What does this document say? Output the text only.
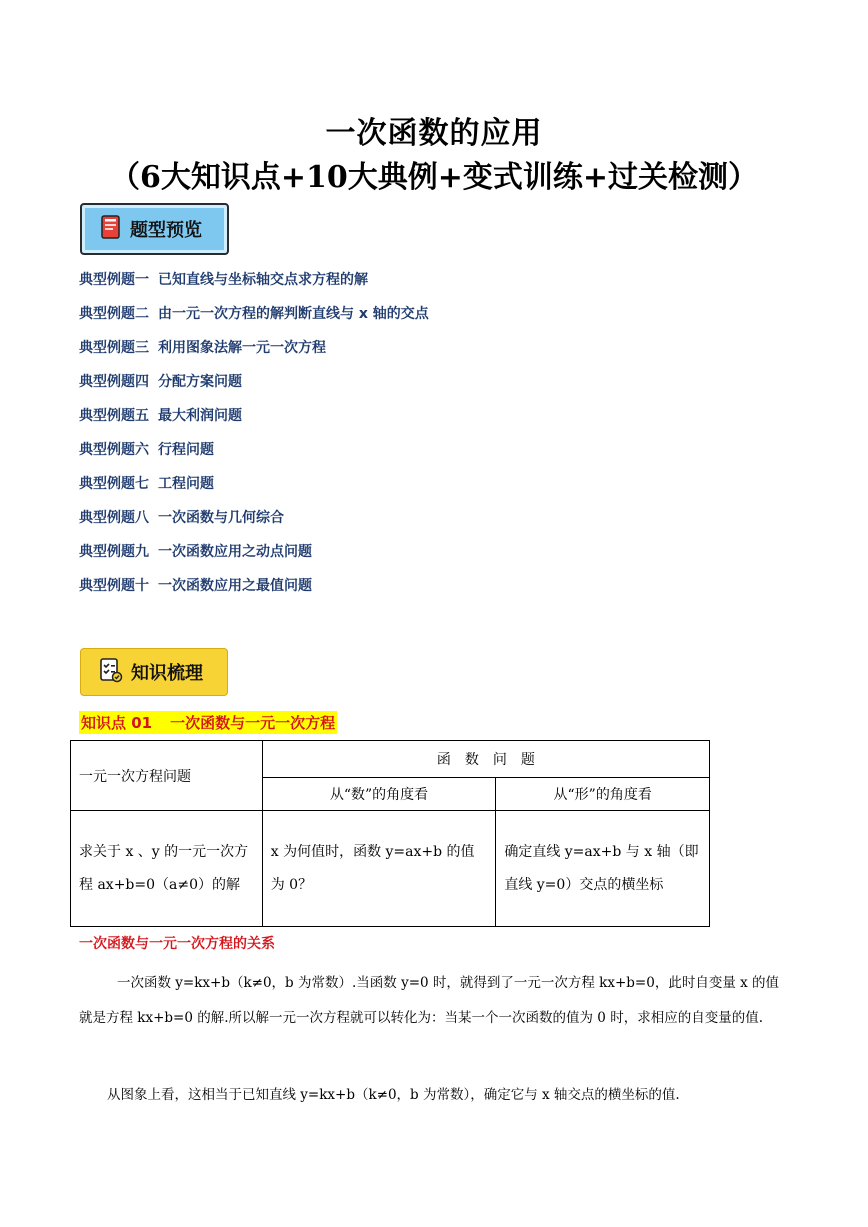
一次函数的应用
（6大知识点+10大典例+变式训练+过关检测）
题型预览
典型例题一 已知直线与坐标轴交点求方程的解
典型例题二 由一元一次方程的解判断直线与 x 轴的交点
典型例题三 利用图象法解一元一次方程
典型例题四 分配方案问题
典型例题五 最大利润问题
典型例题六 行程问题
典型例题七 工程问题
典型例题八 一次函数与几何综合
典型例题九 一次函数应用之动点问题
典型例题十 一次函数应用之最值问题
知识梳理
知识点 01 一次函数与一元一次方程
一元一次方程问题	函　数　问　题	
	从“数”的角度看	从“形”的角度看
求关于 x 、y 的一元一次方程 ax+b=0（a≠0）的解	x 为何值时，函数 y=ax+b 的值为 0？	确定直线 y=ax+b 与 x 轴（即直线 y=0）交点的横坐标
一次函数与一元一次方程的关系
一次函数 y=kx+b（k≠0，b 为常数）.当函数 y=0 时，就得到了一元一次方程 kx+b=0，此时自变量 x 的值就是方程 kx+b=0 的解.所以解一元一次方程就可以转化为：当某一个一次函数的值为 0 时，求相应的自变量的值.
从图象上看，这相当于已知直线 y=kx+b（k≠0，b 为常数），确定它与 x 轴交点的横坐标的值.
